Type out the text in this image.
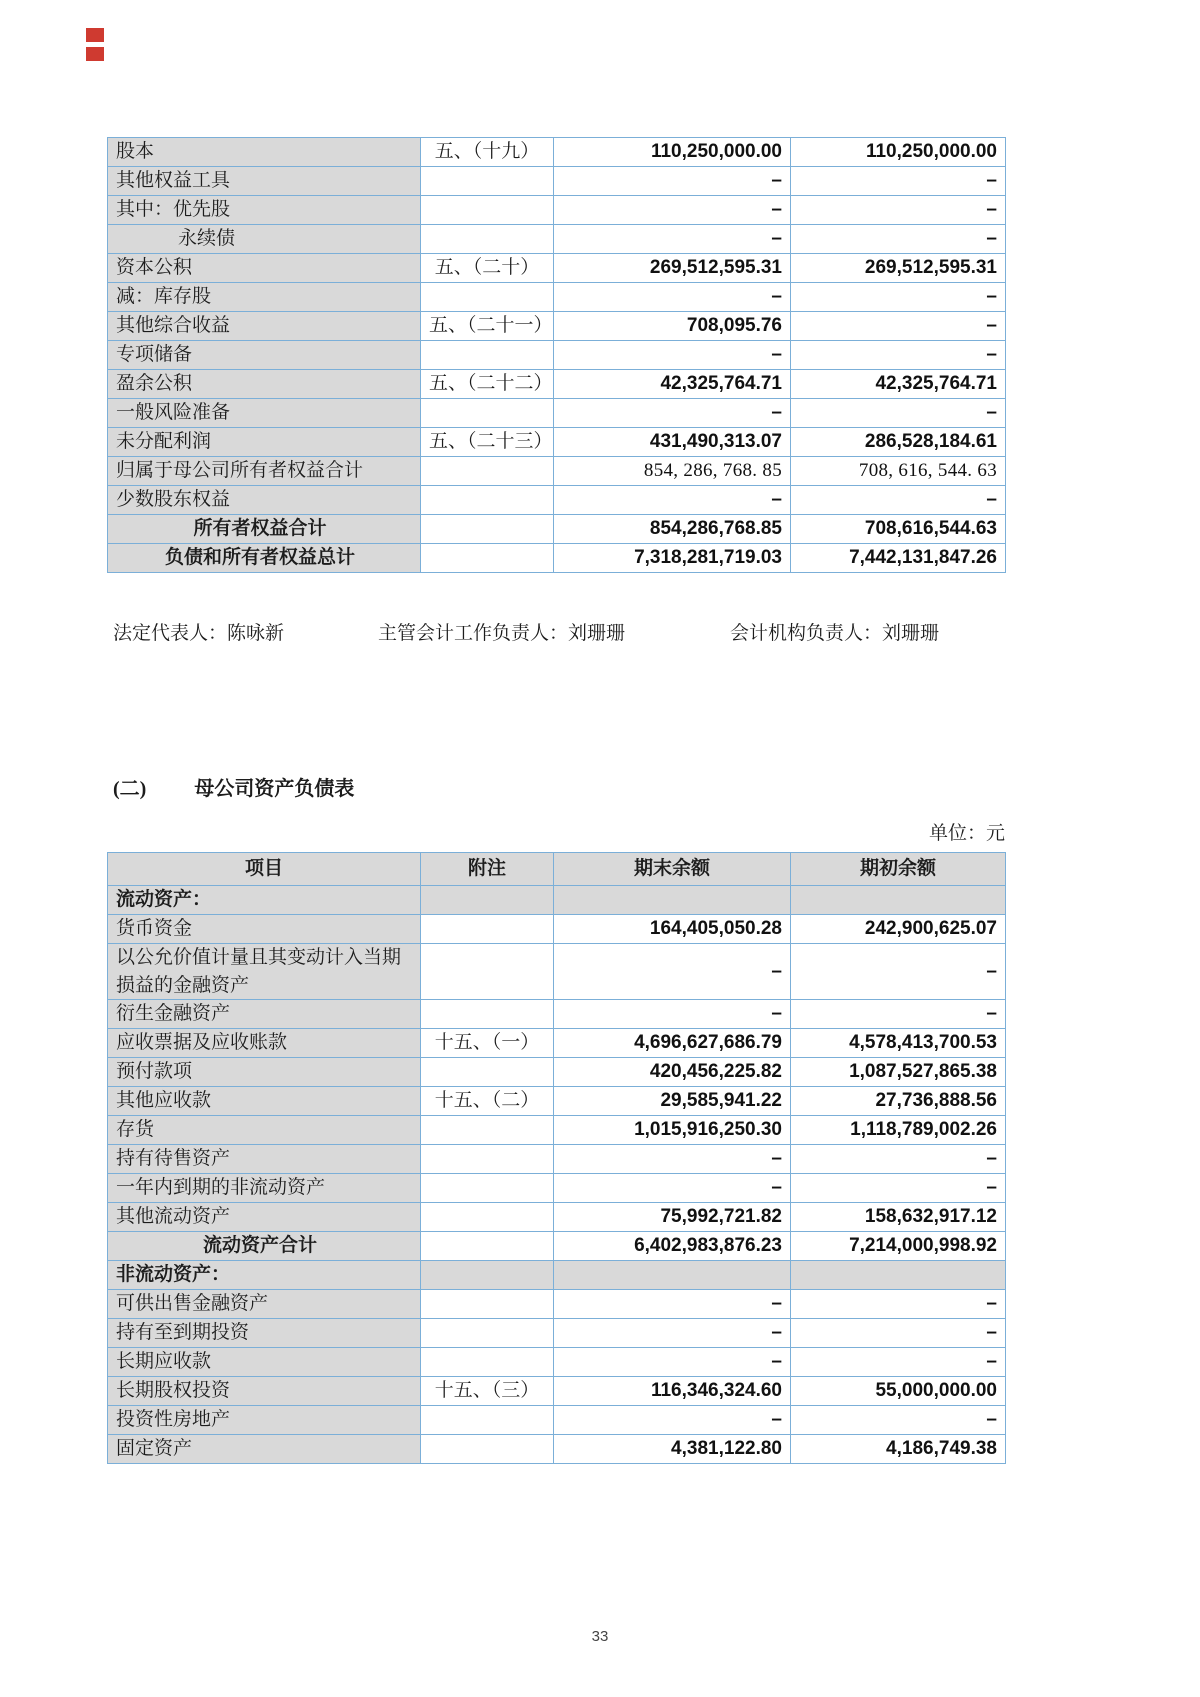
股本	五、（十九）	110,250,000.00	110,250,000.00
其他权益工具		–	–
其中：优先股		–	–
永续债		–	–
资本公积	五、（二十）	269,512,595.31	269,512,595.31
减：库存股		–	–
其他综合收益	五、（二十一）	708,095.76	–
专项储备		–	–
盈余公积	五、（二十二）	42,325,764.71	42,325,764.71
一般风险准备		–	–
未分配利润	五、（二十三）	431,490,313.07	286,528,184.61
归属于母公司所有者权益合计		854, 286, 768. 85	708, 616, 544. 63
少数股东权益		–	–
所有者权益合计		854,286,768.85	708,616,544.63
负债和所有者权益总计		7,318,281,719.03	7,442,131,847.26
法定代表人：陈咏新	主管会计工作负责人：刘珊珊	会计机构负责人：刘珊珊
(二) 母公司资产负债表
单位：元
项目	附注	期末余额	期初余额
流动资产：			
货币资金		164,405,050.28	242,900,625.07
以公允价值计量且其变动计入当期损益的金融资产		–	–
衍生金融资产		–	–
应收票据及应收账款	十五、（一）	4,696,627,686.79	4,578,413,700.53
预付款项		420,456,225.82	1,087,527,865.38
其他应收款	十五、（二）	29,585,941.22	27,736,888.56
存货		1,015,916,250.30	1,118,789,002.26
持有待售资产		–	–
一年内到期的非流动资产		–	–
其他流动资产		75,992,721.82	158,632,917.12
流动资产合计		6,402,983,876.23	7,214,000,998.92
非流动资产：			
可供出售金融资产		–	–
持有至到期投资		–	–
长期应收款		–	–
长期股权投资	十五、（三）	116,346,324.60	55,000,000.00
投资性房地产		–	–
固定资产		4,381,122.80	4,186,749.38
33
